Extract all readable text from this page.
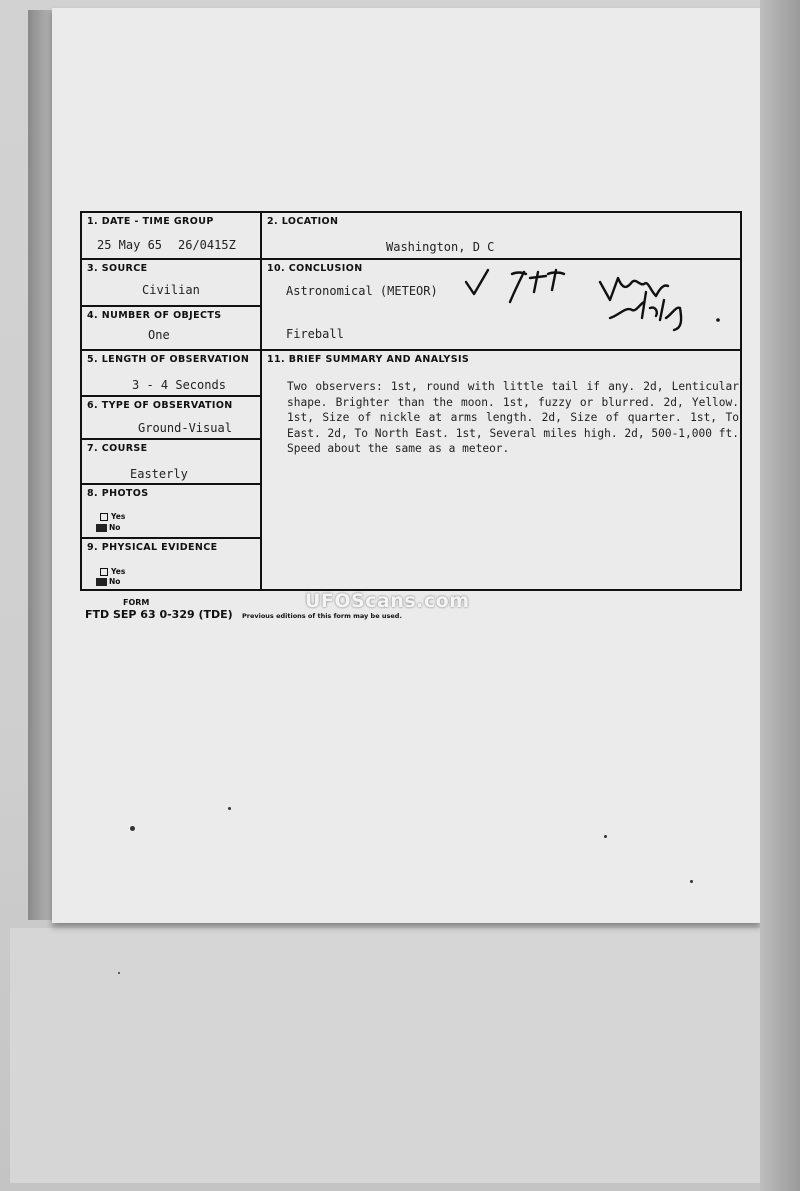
1. DATE - TIME GROUP
25 May 65 26/0415Z
3. SOURCE
Civilian
4. NUMBER OF OBJECTS
One
5. LENGTH OF OBSERVATION
3 - 4 Seconds
6. TYPE OF OBSERVATION
Ground-Visual
7. COURSE
Easterly
8. PHOTOS
Yes
No
9. PHYSICAL EVIDENCE
Yes
No
2. LOCATION
Washington, D C
10. CONCLUSION
Astronomical (METEOR)
Fireball
11. BRIEF SUMMARY AND ANALYSIS

Two observers: 1st, round with little tail if any. 2d, Lenticular shape. Brighter than the moon. 1st, fuzzy or blurred. 2d, Yellow. 1st, Size of nickle at arms length. 2d, Size of quarter. 1st, To East. 2d, To North East. 1st, Several miles high. 2d, 500-1,000 ft. Speed about the same as a meteor.

FORM
FTD SEP 63 0-329 (TDE) Previous editions of this form may be used.
UFOScans.com
